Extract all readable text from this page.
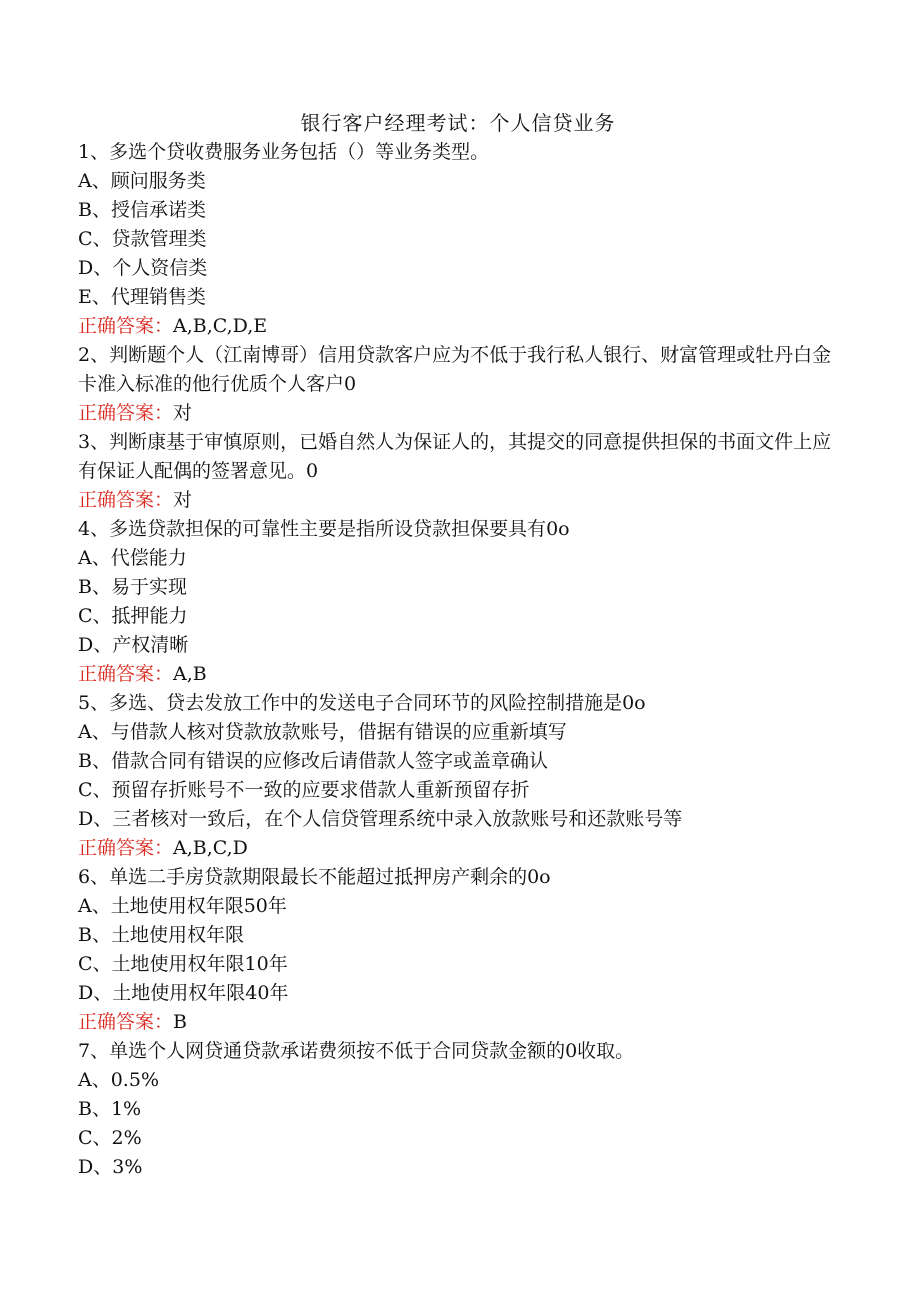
银行客户经理考试：个人信贷业务
1、多选个贷收费服务业务包括（）等业务类型。
A、顾问服务类
B、授信承诺类
C、贷款管理类
D、个人资信类
E、代理销售类
正确答案：A,B,C,D,E
2、判断题个人（江南博哥）信用贷款客户应为不低于我行私人银行、财富管理或牡丹白金卡准入标准的他行优质个人客户0
正确答案：对
3、判断康基于审慎原则，已婚自然人为保证人的，其提交的同意提供担保的书面文件上应有保证人配偶的签署意见。0
正确答案：对
4、多选贷款担保的可靠性主要是指所设贷款担保要具有0o
A、代偿能力
B、易于实现
C、抵押能力
D、产权清晰
正确答案：A,B
5、多选、贷去发放工作中的发送电子合同环节的风险控制措施是0o
A、与借款人核对贷款放款账号，借据有错误的应重新填写
B、借款合同有错误的应修改后请借款人签字或盖章确认
C、预留存折账号不一致的应要求借款人重新预留存折
D、三者核对一致后，在个人信贷管理系统中录入放款账号和还款账号等
正确答案：A,B,C,D
6、单选二手房贷款期限最长不能超过抵押房产剩余的0o
A、土地使用权年限50年
B、土地使用权年限
C、土地使用权年限10年
D、土地使用权年限40年
正确答案：B
7、单选个人网贷通贷款承诺费须按不低于合同贷款金额的0收取。
A、0.5%
B、1%
C、2%
D、3%
